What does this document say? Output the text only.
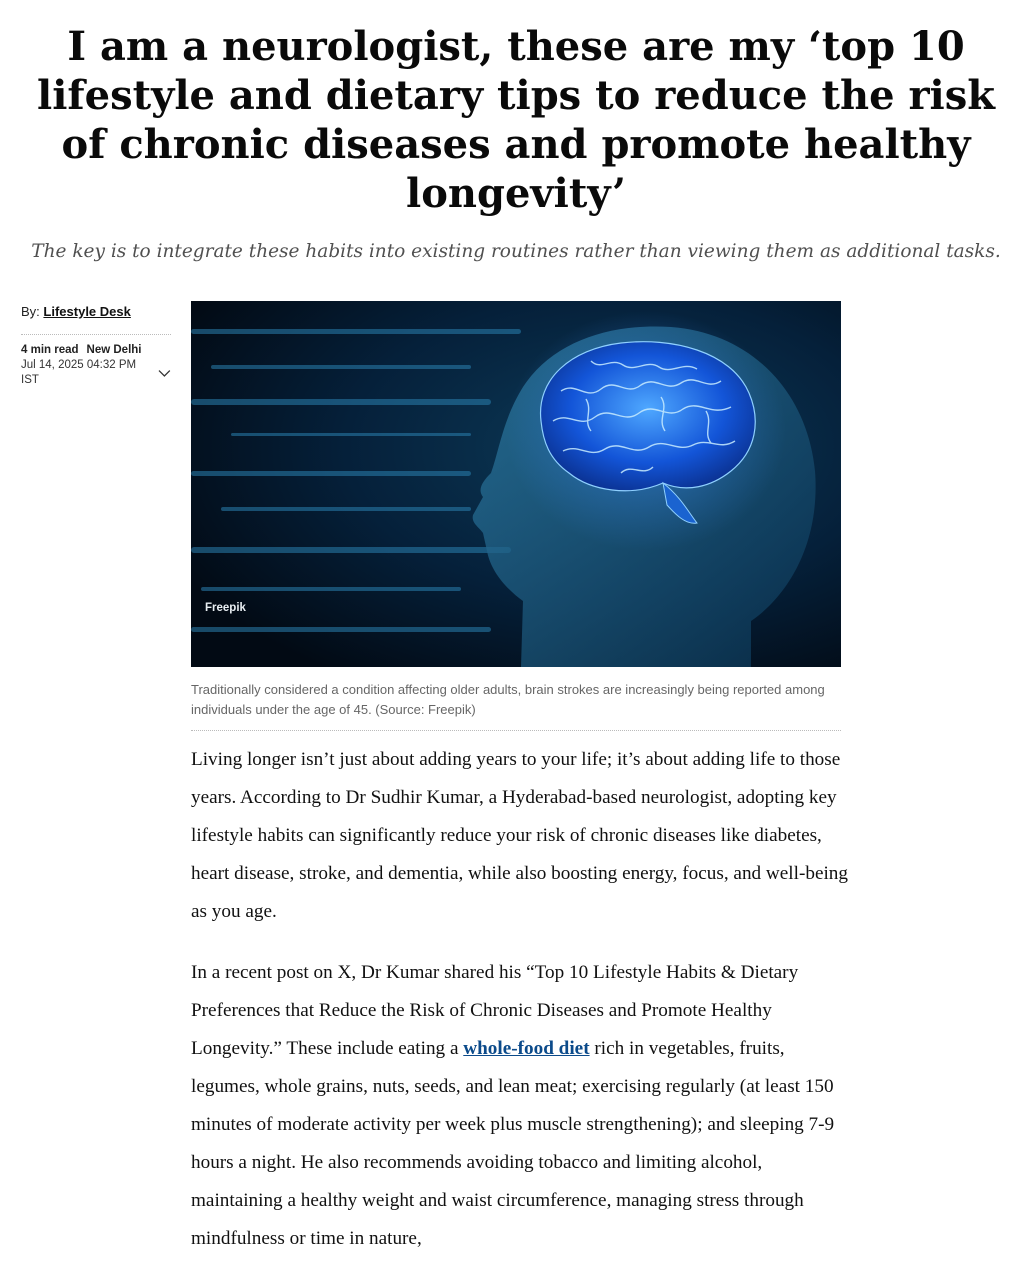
I am a neurologist, these are my ‘top 10 lifestyle and dietary tips to reduce the risk of chronic diseases and promote healthy longevity’

The key is to integrate these habits into existing routines rather than viewing them as additional tasks.

By: Lifestyle Desk
4 min read New Delhi
Jul 14, 2025 04:32 PM IST
Freepik
Traditionally considered a condition affecting older adults, brain strokes are increasingly being reported among individuals under the age of 45. (Source: Freepik)

Living longer isn’t just about adding years to your life; it’s about adding life to those years. According to Dr Sudhir Kumar, a Hyderabad-based neurologist, adopting key lifestyle habits can significantly reduce your risk of chronic diseases like diabetes, heart disease, stroke, and dementia, while also boosting energy, focus, and well-being as you age.

In a recent post on X, Dr Kumar shared his “Top 10 Lifestyle Habits & Dietary Preferences that Reduce the Risk of Chronic Diseases and Promote Healthy Longevity.” These include eating a whole-food diet rich in vegetables, fruits, legumes, whole grains, nuts, seeds, and lean meat; exercising regularly (at least 150 minutes of moderate activity per week plus muscle strengthening); and sleeping 7-9 hours a night. He also recommends avoiding tobacco and limiting alcohol, maintaining a healthy weight and waist circumference, managing stress through mindfulness or time in nature,
